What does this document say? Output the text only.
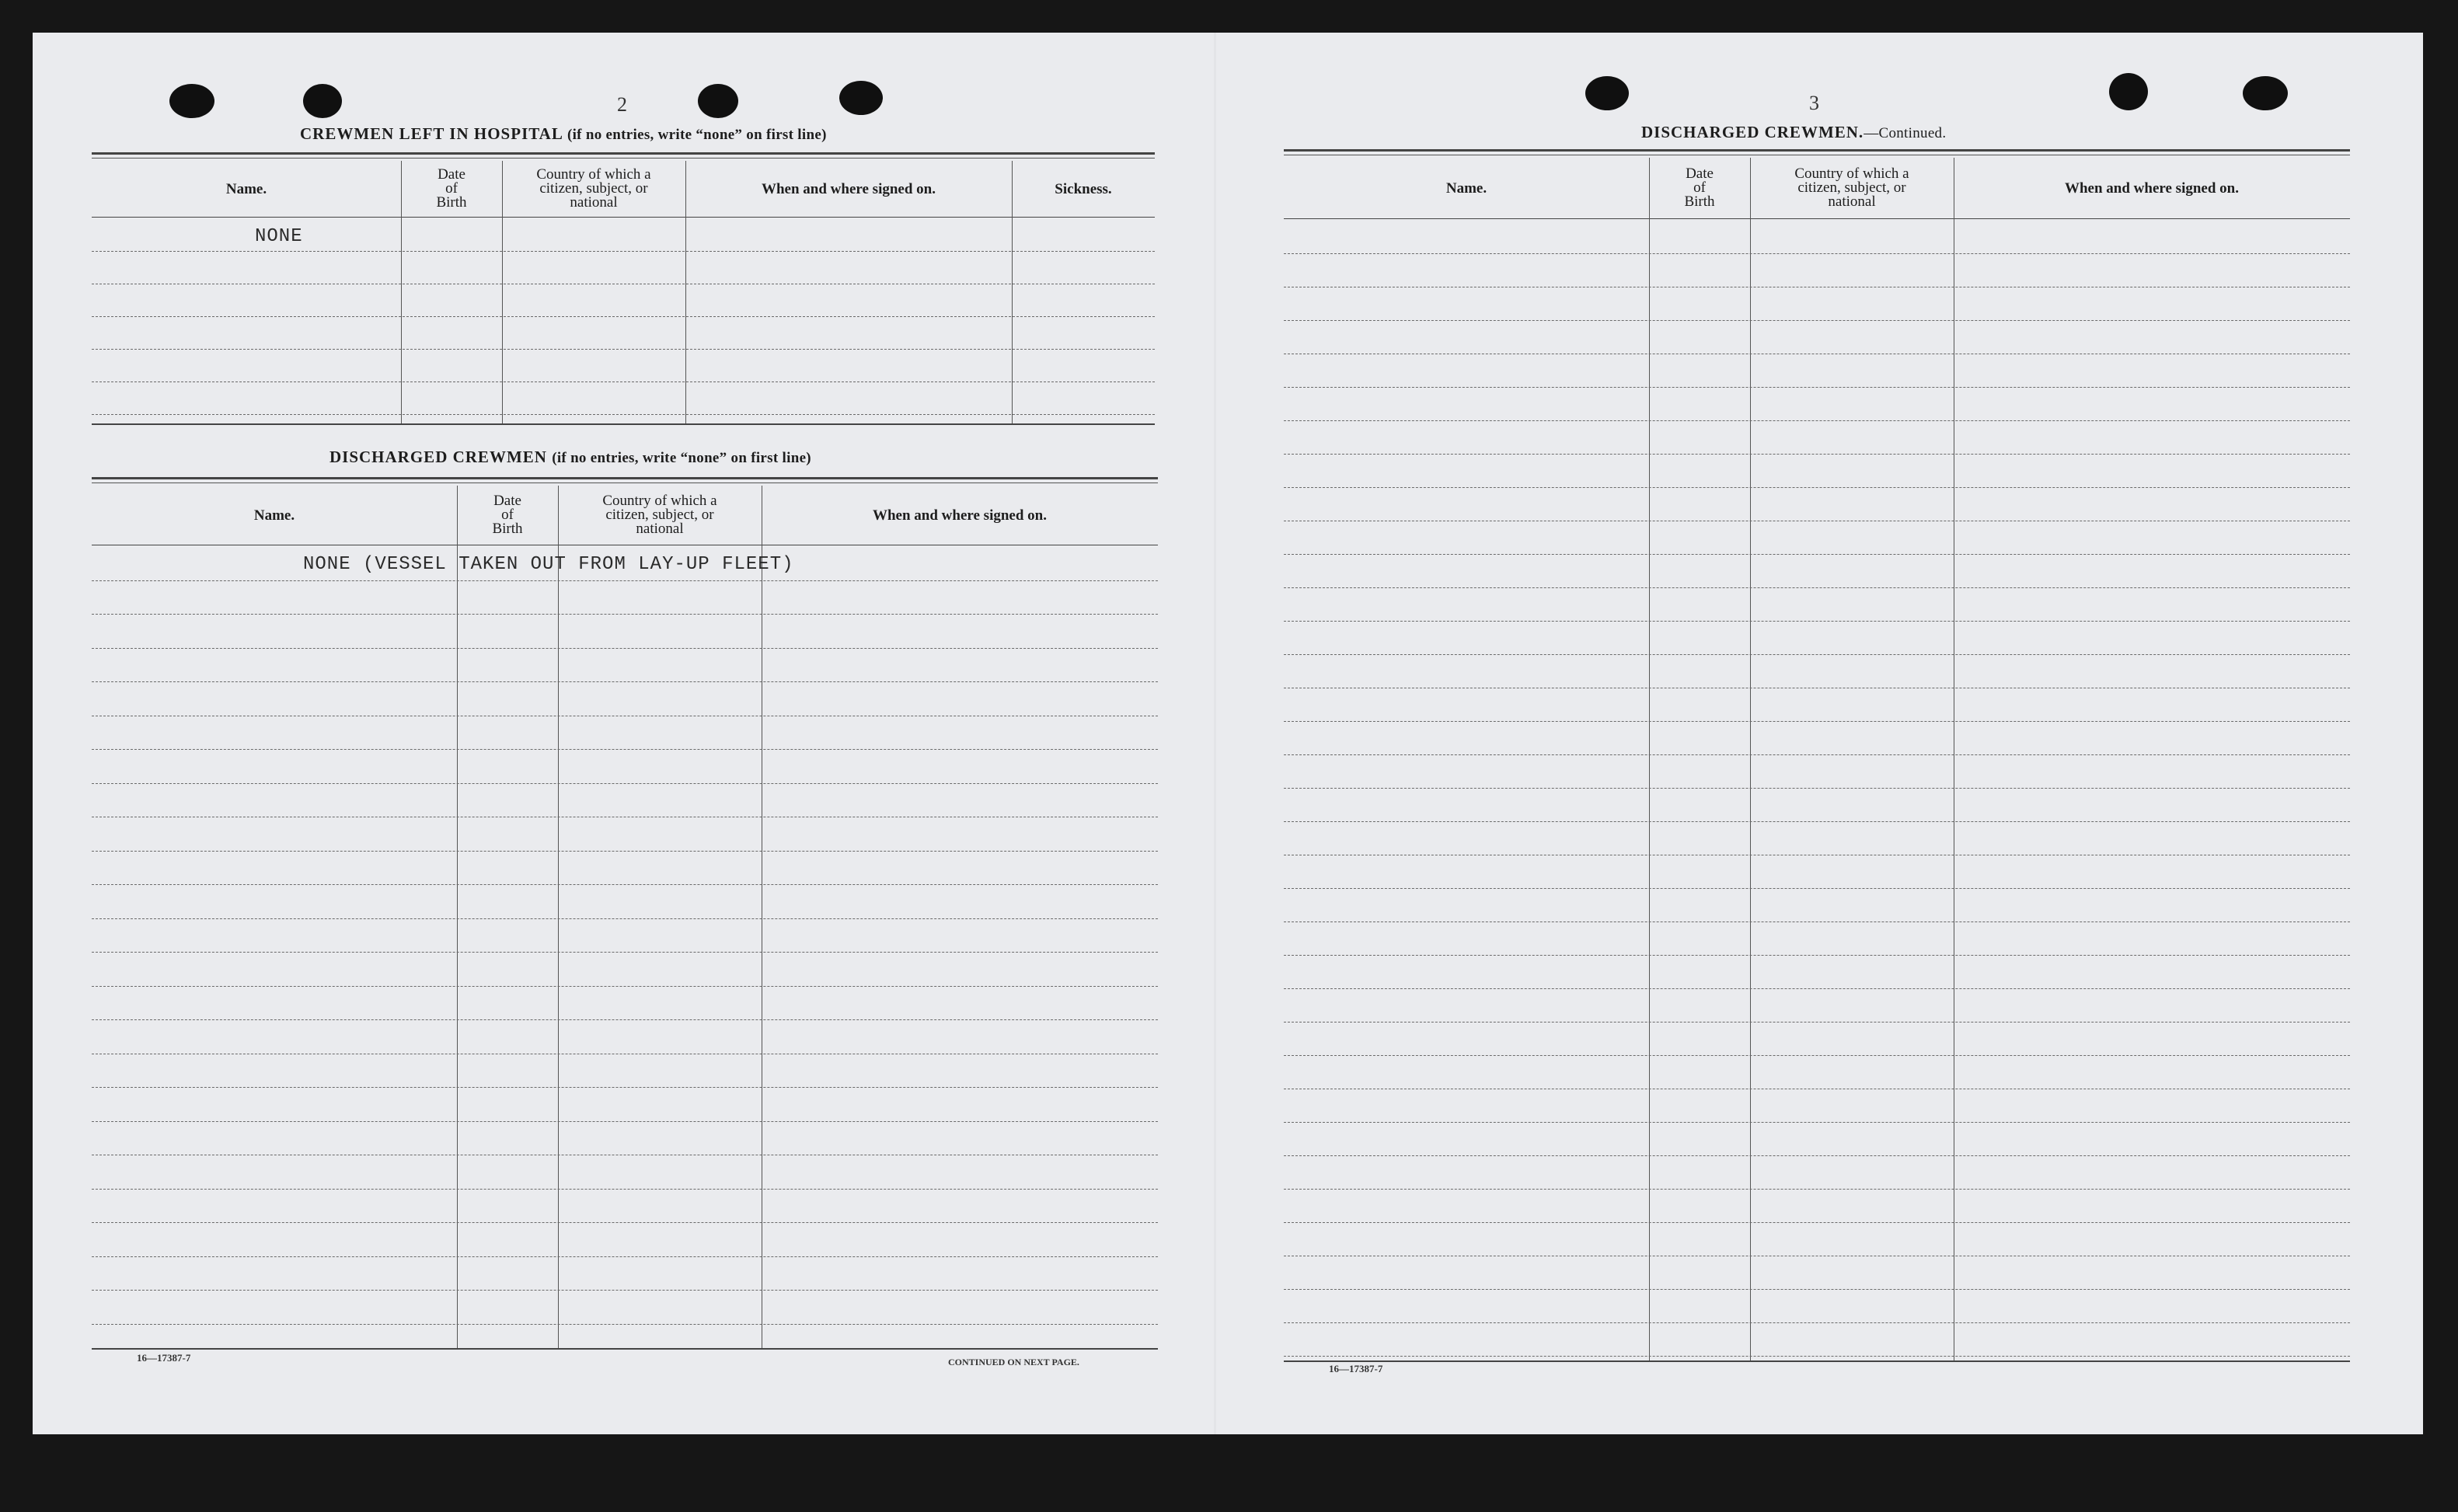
2
CREWMEN LEFT IN HOSPITAL (if no entries, write “none” on first line)
Name.
Date
of
Birth
Country of which a
citizen, subject, or
national
When and where signed on.	Sickness.
NONE
DISCHARGED CREWMEN (if no entries, write “none” on first line)
Name.
Date
of
Birth
Country of which a
citizen, subject, or
national
When and where signed on.
NONE (VESSEL TAKEN OUT FROM LAY-UP FLEET)
16—17387-7	CONTINUED ON NEXT PAGE.
3
DISCHARGED CREWMEN.—Continued.
Name.
Date
of
Birth
Country of which a
citizen, subject, or
national
When and where signed on.
16—17387-7
